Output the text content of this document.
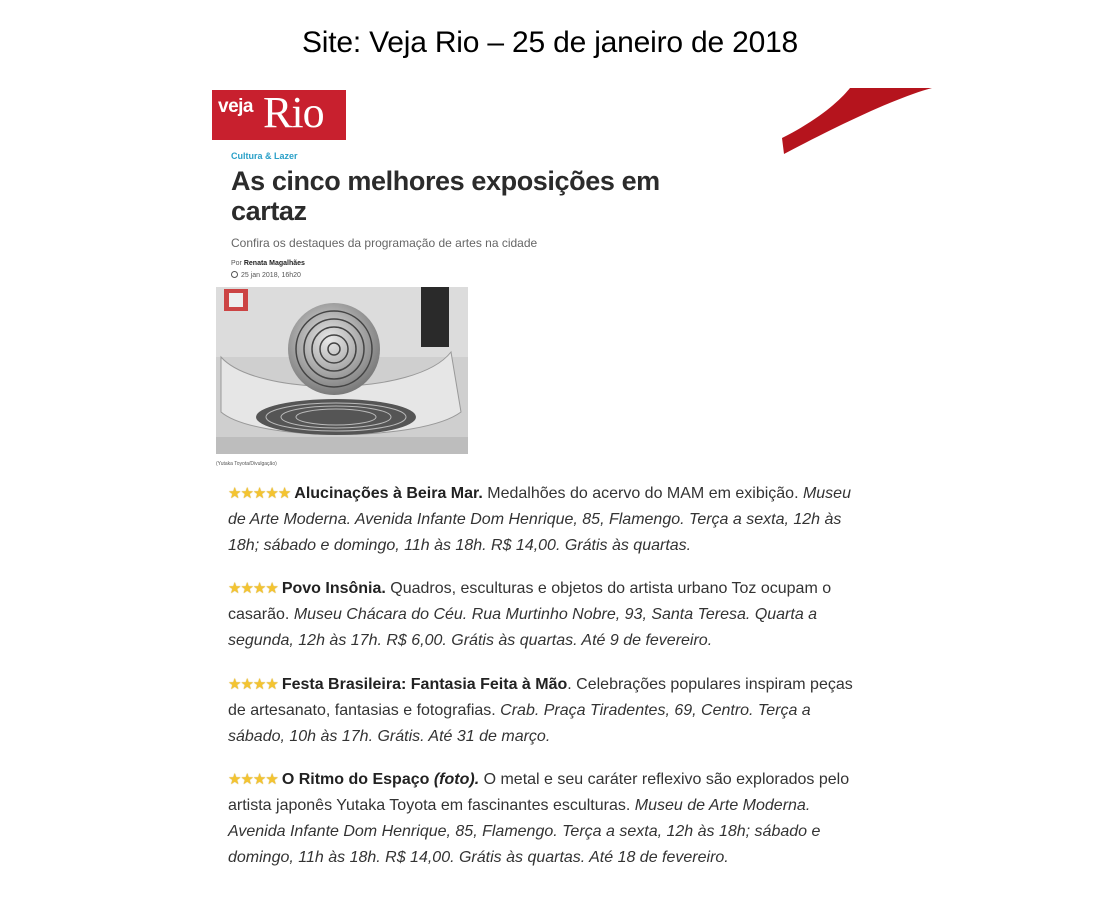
Site: Veja Rio – 25 de janeiro de 2018
veja Rio
Cultura & Lazer
As cinco melhores exposições em cartaz
Confira os destaques da programação de artes na cidade
Por Renata Magalhães
25 jan 2018, 16h20
(Yutaka Toyota/Divulgação)
★★★★★ Alucinações à Beira Mar. Medalhões do acervo do MAM em exibição. Museu de Arte Moderna. Avenida Infante Dom Henrique, 85, Flamengo. Terça a sexta, 12h às 18h; sábado e domingo, 11h às 18h. R$ 14,00. Grátis às quartas.
★★★★ Povo Insônia. Quadros, esculturas e objetos do artista urbano Toz ocupam o casarão. Museu Chácara do Céu. Rua Murtinho Nobre, 93, Santa Teresa. Quarta a segunda, 12h às 17h. R$ 6,00. Grátis às quartas. Até 9 de fevereiro.
★★★★ Festa Brasileira: Fantasia Feita à Mão. Celebrações populares inspiram peças de artesanato, fantasias e fotografias. Crab. Praça Tiradentes, 69, Centro. Terça a sábado, 10h às 17h. Grátis. Até 31 de março.
★★★★ O Ritmo do Espaço (foto). O metal e seu caráter reflexivo são explorados pelo artista japonês Yutaka Toyota em fascinantes esculturas. Museu de Arte Moderna. Avenida Infante Dom Henrique, 85, Flamengo. Terça a sexta, 12h às 18h; sábado e domingo, 11h às 18h. R$ 14,00. Grátis às quartas. Até 18 de fevereiro.
